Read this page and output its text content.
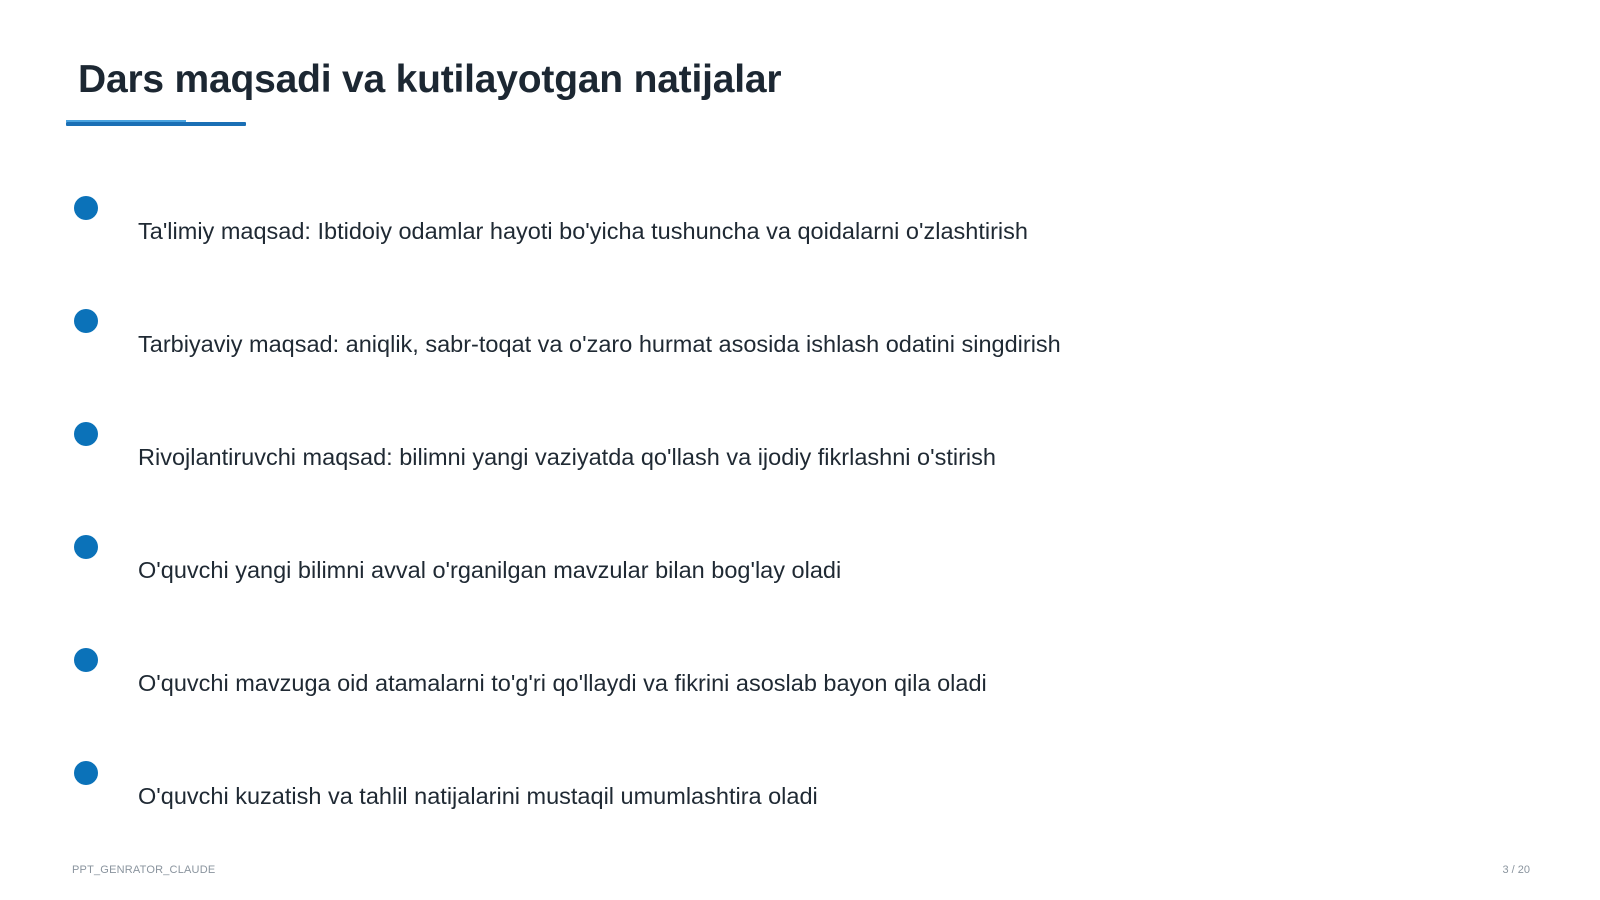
Dars maqsadi va kutilayotgan natijalar
Ta'limiy maqsad: Ibtidoiy odamlar hayoti bo'yicha tushuncha va qoidalarni o'zlashtirish
Tarbiyaviy maqsad: aniqlik, sabr-toqat va o'zaro hurmat asosida ishlash odatini singdirish
Rivojlantiruvchi maqsad: bilimni yangi vaziyatda qo'llash va ijodiy fikrlashni o'stirish
O'quvchi yangi bilimni avval o'rganilgan mavzular bilan bog'lay oladi
O'quvchi mavzuga oid atamalarni to'g'ri qo'llaydi va fikrini asoslab bayon qila oladi
O'quvchi kuzatish va tahlil natijalarini mustaqil umumlashtira oladi
PPT_GENRATOR_CLAUDE	3 / 20
